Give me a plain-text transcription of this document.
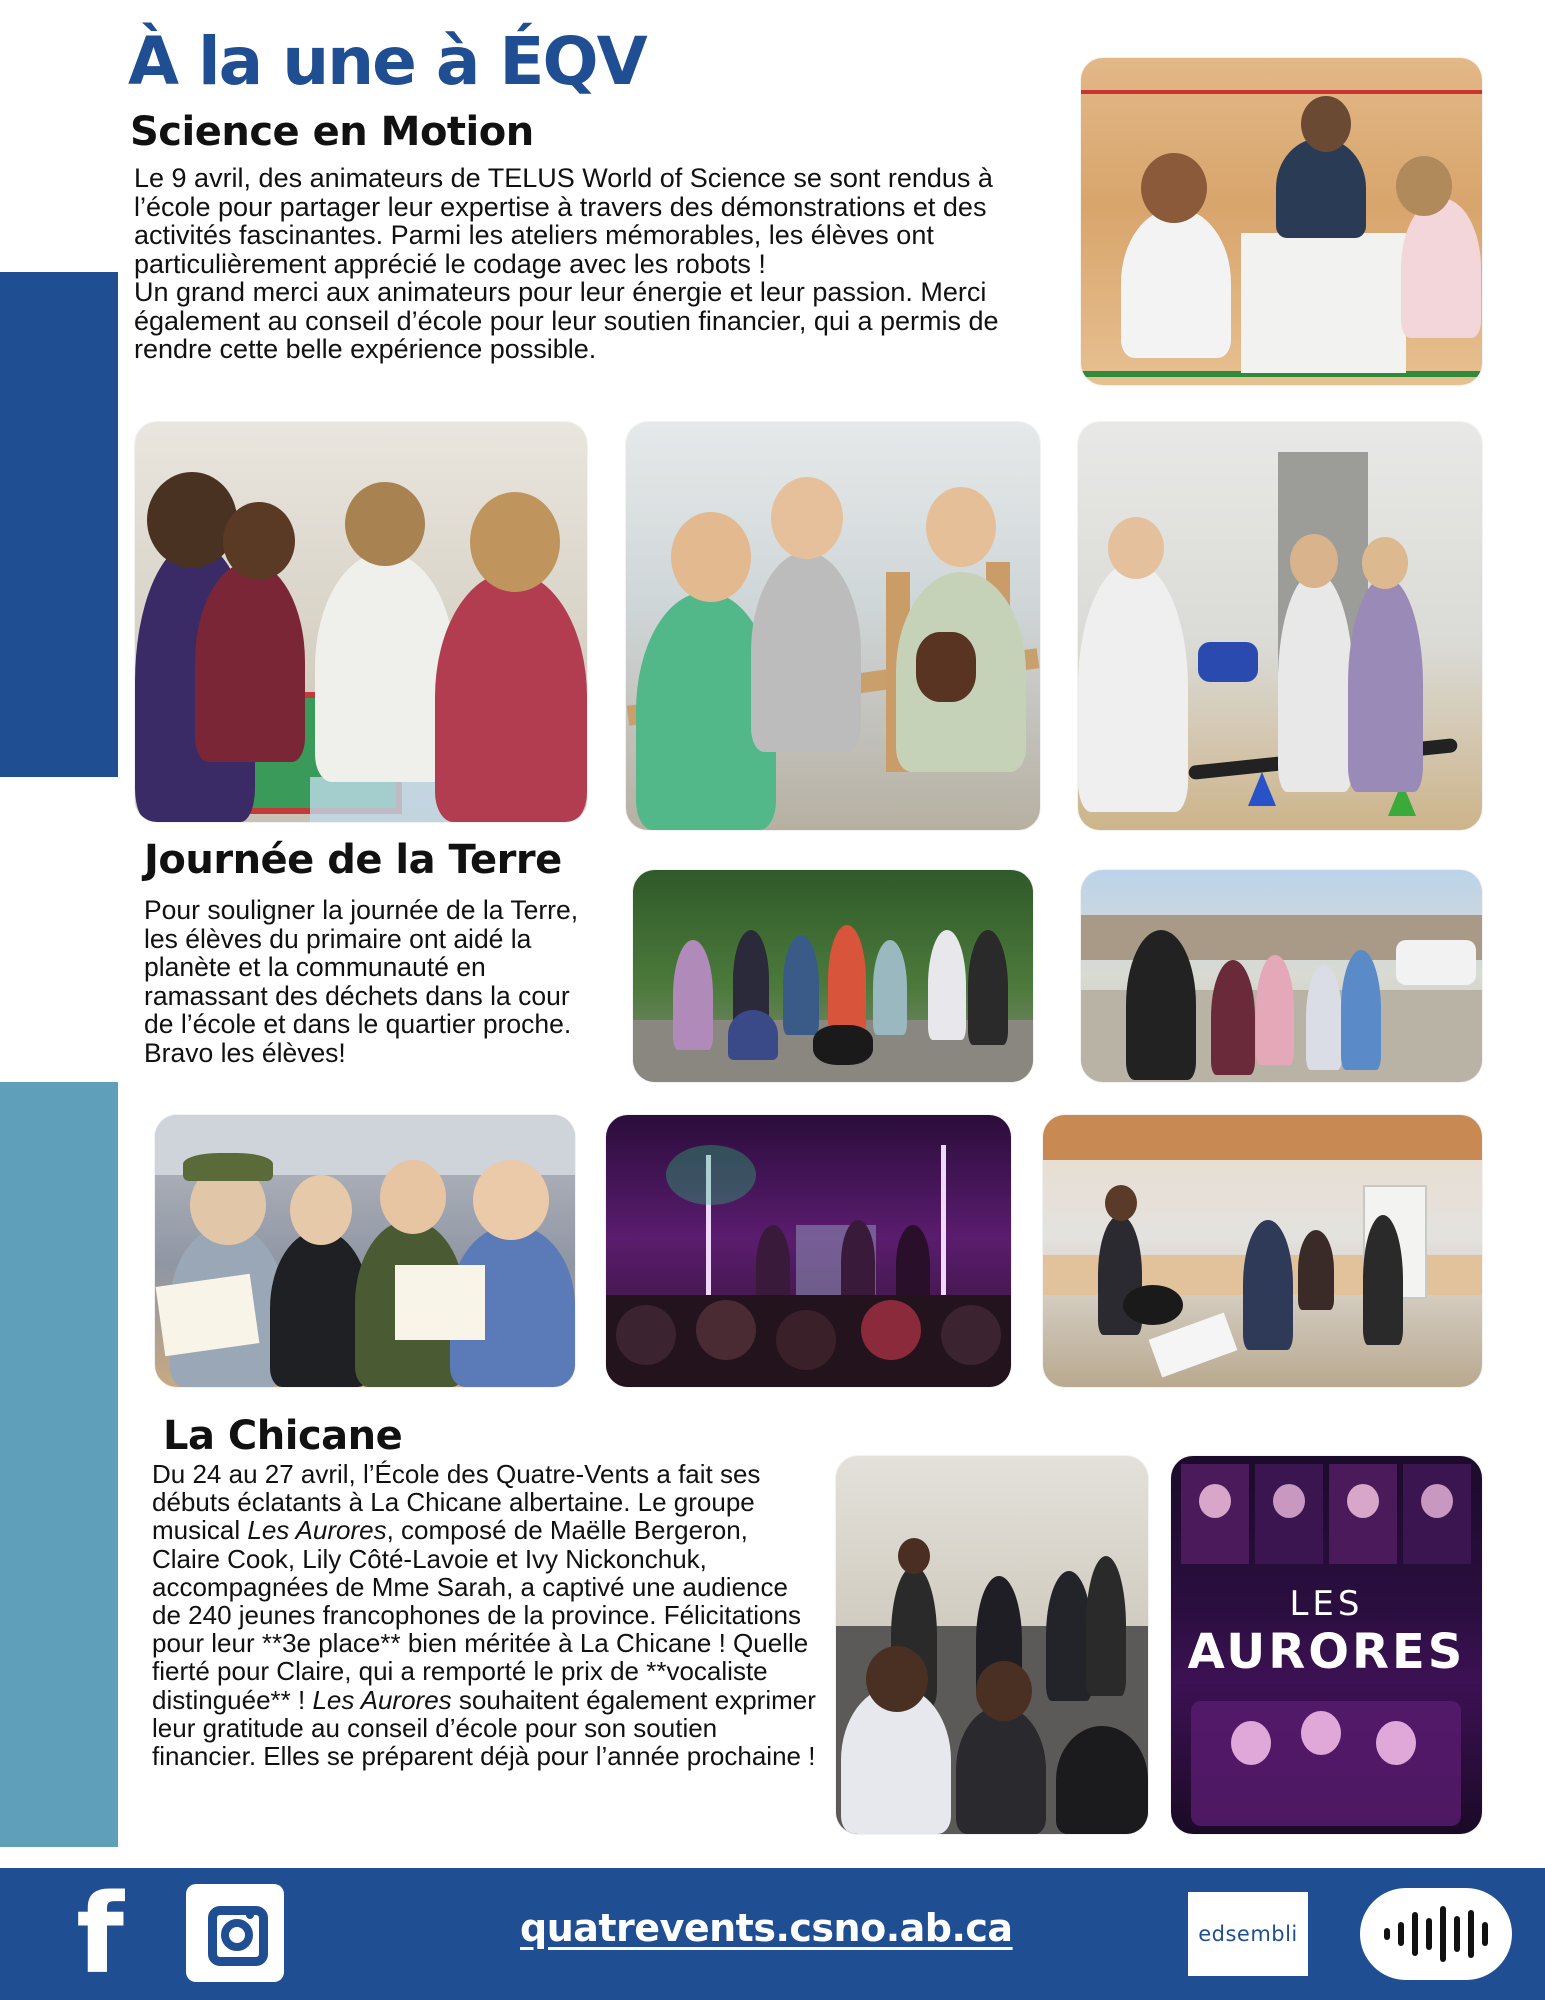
À la une à ÉQV
Science en Motion

Le 9 avril, des animateurs de TELUS World of Science se sont rendus à l’école pour partager leur expertise à travers des démonstrations et des activités fascinantes. Parmi les ateliers mémorables, les élèves ont particulièrement apprécié le codage avec les robots !

Un grand merci aux animateurs pour leur énergie et leur passion. Merci également au conseil d’école pour leur soutien financier, qui a permis de rendre cette belle expérience possible.

Journée de la Terre

Pour souligner la journée de la Terre, les élèves du primaire ont aidé la planète et la communauté en ramassant des déchets dans la cour de l’école et dans le quartier proche. Bravo les élèves!

La Chicane

Du 24 au 27 avril, l’École des Quatre-Vents a fait ses débuts éclatants à La Chicane albertaine. Le groupe musical Les Aurores, composé de Maëlle Bergeron, Claire Cook, Lily Côté-Lavoie et Ivy Nickonchuk, accompagnées de Mme Sarah, a captivé une audience de 240 jeunes francophones de la province. Félicitations pour leur **3e place** bien méritée à La Chicane ! Quelle fierté pour Claire, qui a remporté le prix de **vocaliste distinguée** ! Les Aurores souhaitent également exprimer leur gratitude au conseil d’école pour son soutien financier. Elles se préparent déjà pour l’année prochaine !

LES
AURORES
f	quatrevents.csno.ab.ca	edsembli
